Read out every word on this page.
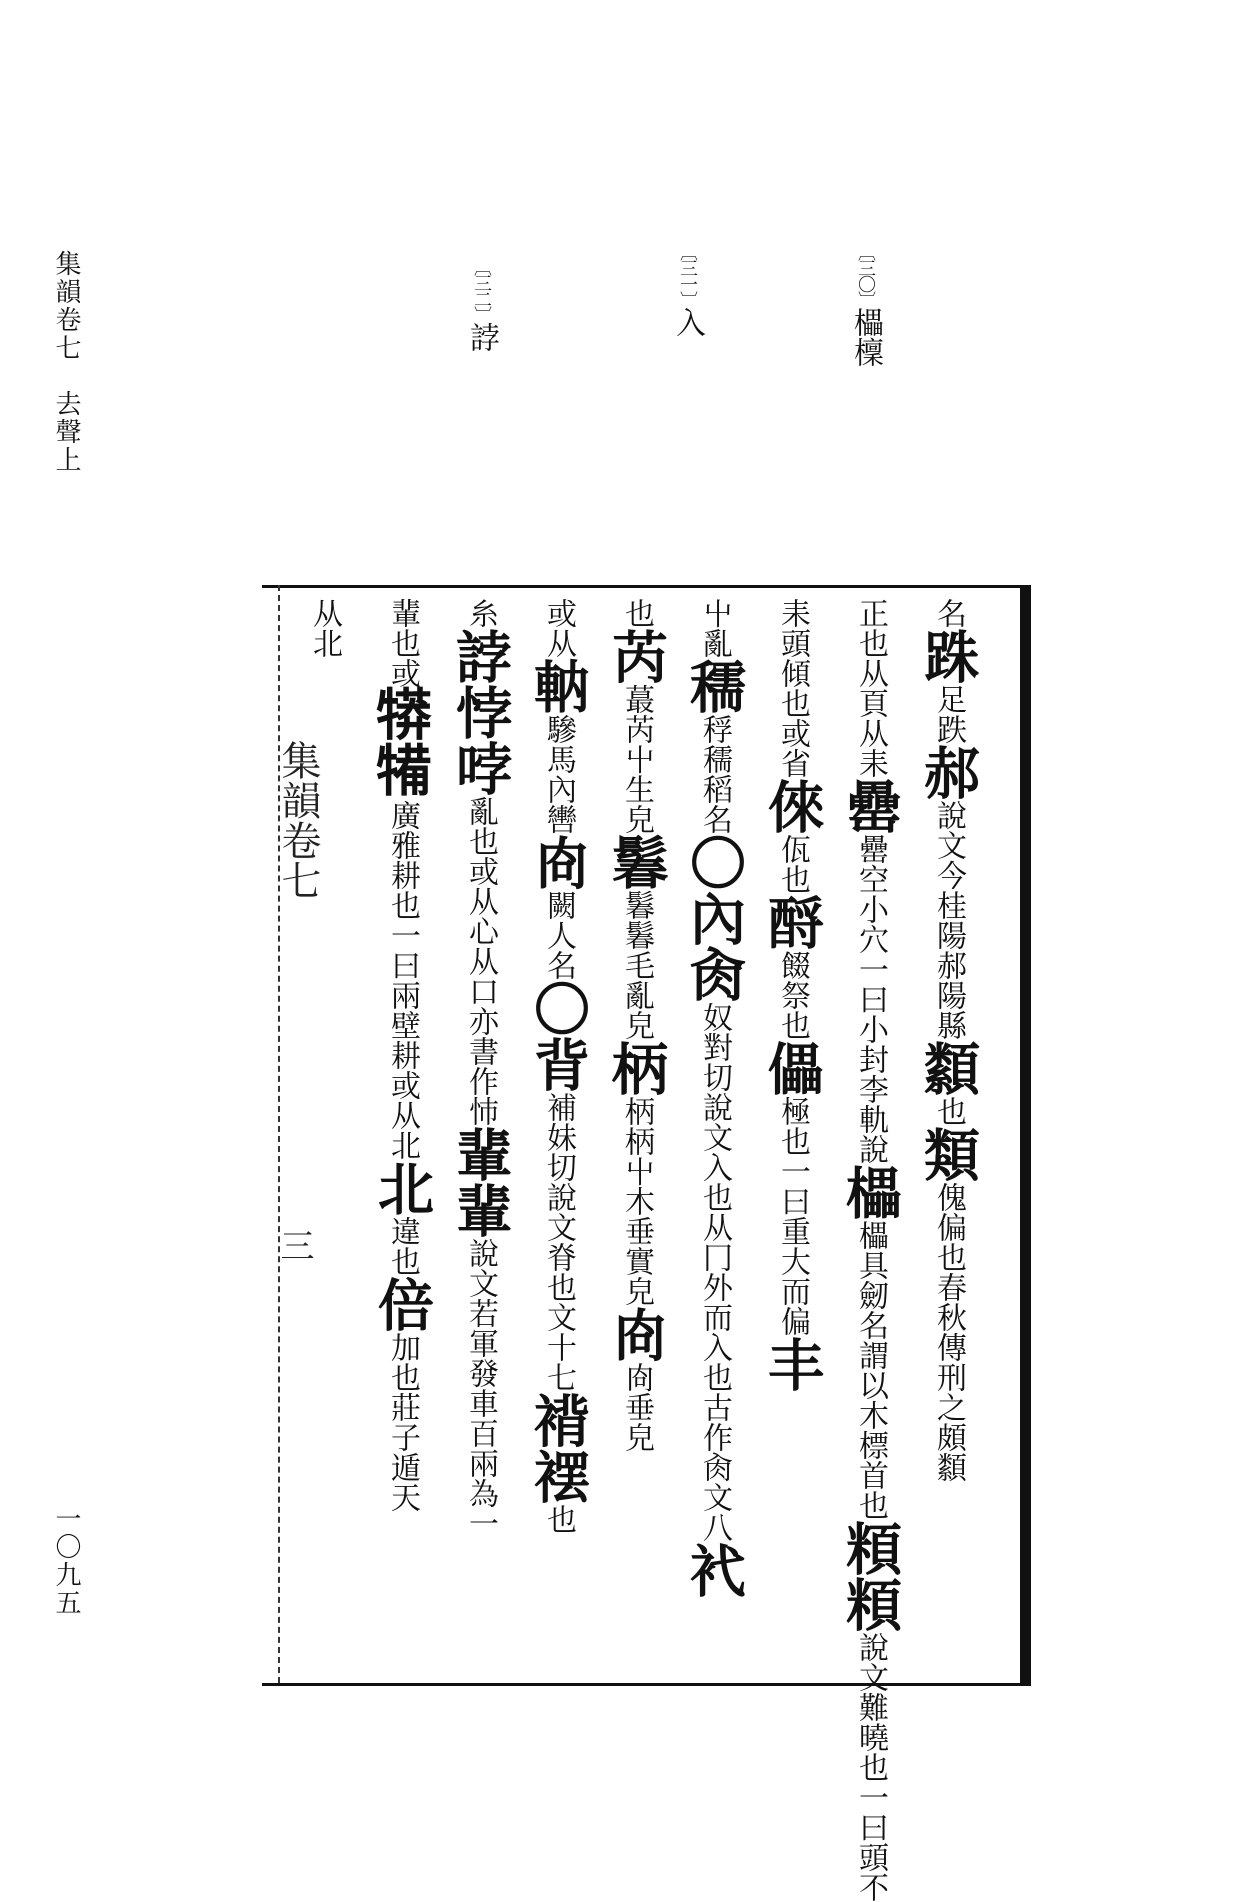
集韻卷七　去聲上
一〇九五
〔三〇〕櫑檁
〔三一〕入
〔三二〕誖
集韻卷七
三
名
跦
足跌
郝
說文今桂陽郝陽縣
纇
也
類
傀偏也春秋傳刑之頗纇
正也从頁从耒
罍
罍空小穴一曰小封李軌說
櫑
櫑具劒名謂以木標首也
頪頪
說文難曉也一曰頭不
耒頭傾也或省
倈
佤也
酹
餟祭也
儡
極也一曰重大而偏
丰
屮亂
穤
稃穤稻名
〇
內肏
奴對切說文入也从冂外而入也古作肏文八
䘝
也
芮
蕞芮屮生皃
鬊
鬊鬊毛亂皃
柄
柄柄屮木垂實皃
㕯
㕯垂皃
或从
軜
驂馬內轡
㕯
闕人名
〇
背
補妹切說文脊也文十七
褙䙓
也
糸
誖悖哱
亂也或从心从口亦書作㤄
輩輩
說文若軍發車百兩為一
輩也或
𤛘犕
廣雅耕也一曰兩壁耕或从北
北
違也
倍
加也莊子遁天
从北
